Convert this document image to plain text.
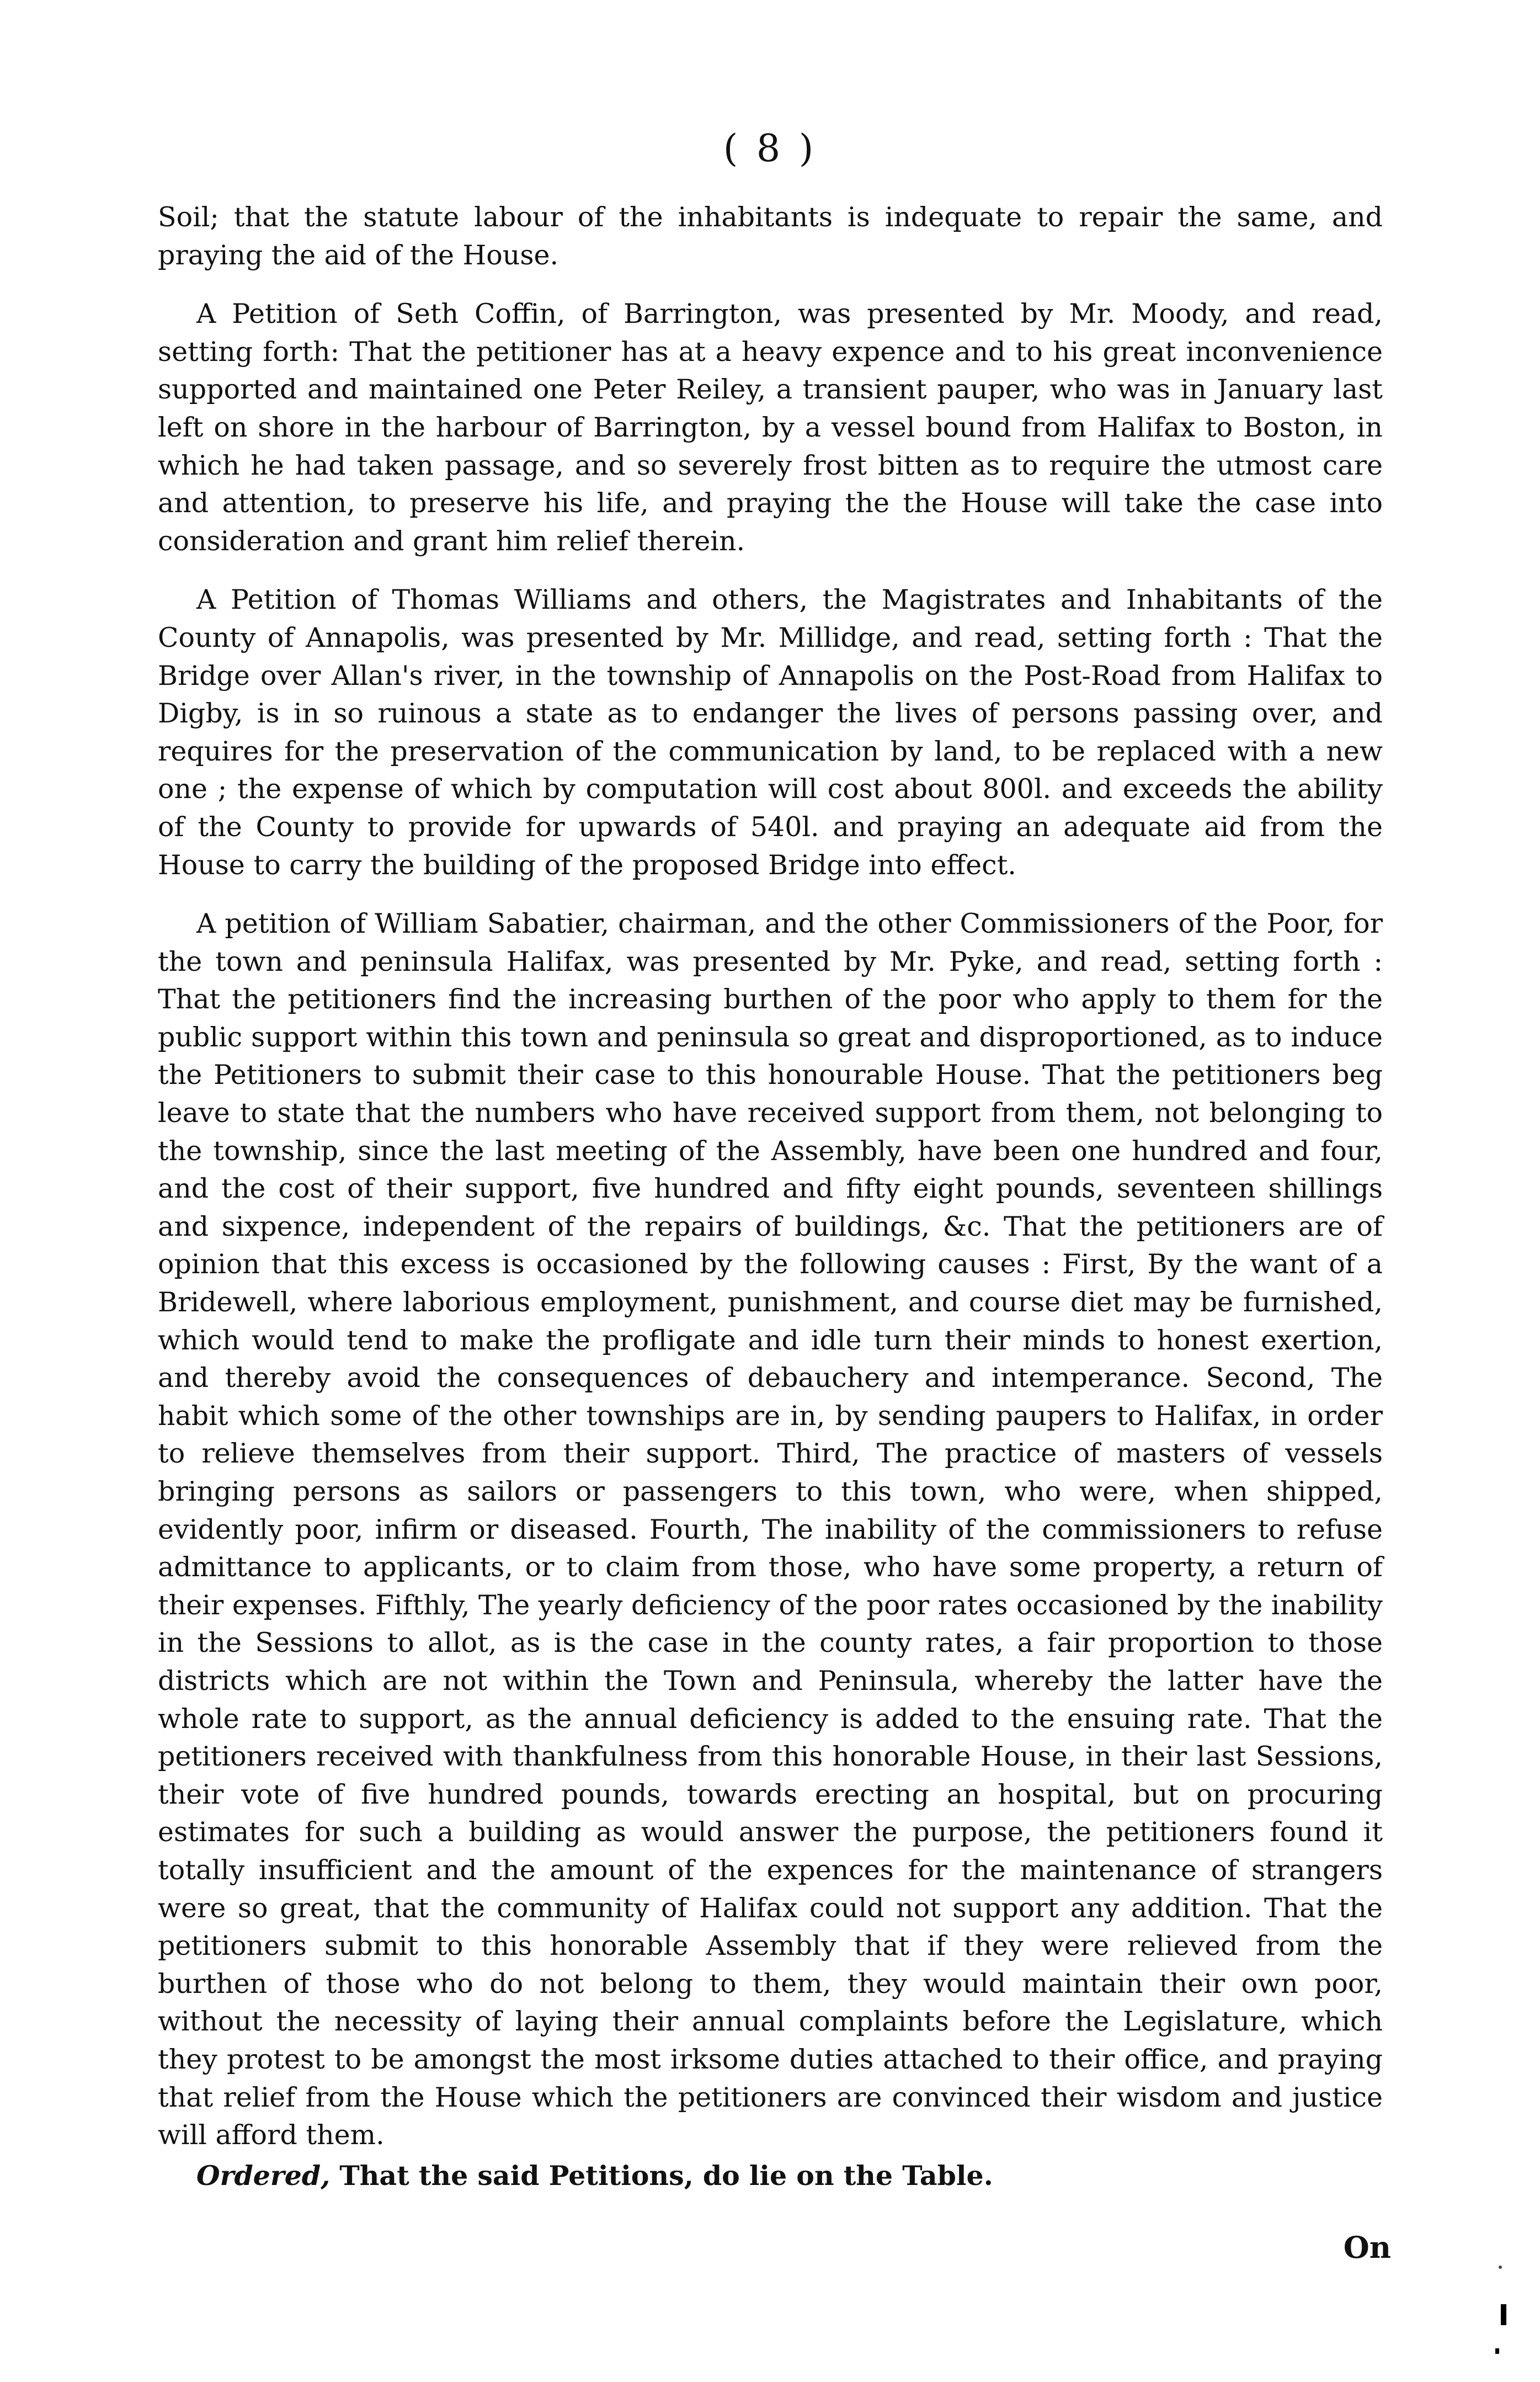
( 8 )

Soil; that the statute labour of the inhabitants is indequate to repair the same, and praying the aid of the House.

A Petition of Seth Coffin, of Barrington, was presented by Mr. Moody, and read, setting forth: That the petitioner has at a heavy expence and to his great inconvenience supported and maintained one Peter Reiley, a transient pauper, who was in January last left on shore in the harbour of Barrington, by a vessel bound from Halifax to Boston, in which he had taken passage, and so severely frost bitten as to require the utmost care and attention, to preserve his life, and praying the the House will take the case into consideration and grant him relief therein.

A Petition of Thomas Williams and others, the Magistrates and Inhabitants of the County of Annapolis, was presented by Mr. Millidge, and read, setting forth : That the Bridge over Allan's river, in the township of Annapolis on the Post-Road from Halifax to Digby, is in so ruinous a state as to endanger the lives of persons passing over, and requires for the preservation of the communication by land, to be replaced with a new one ; the expense of which by computation will cost about 800l. and exceeds the ability of the County to provide for upwards of 540l. and praying an adequate aid from the House to carry the building of the proposed Bridge into effect.

A petition of William Sabatier, chairman, and the other Commissioners of the Poor, for the town and peninsula Halifax, was presented by Mr. Pyke, and read, setting forth : That the petitioners find the increasing burthen of the poor who apply to them for the public support within this town and peninsula so great and disproportioned, as to induce the Petitioners to submit their case to this honourable House. That the petitioners beg leave to state that the numbers who have received support from them, not belonging to the township, since the last meeting of the Assembly, have been one hundred and four, and the cost of their support, five hundred and fifty eight pounds, seventeen shillings and sixpence, independent of the repairs of buildings, &c. That the petitioners are of opinion that this excess is occasioned by the following causes : First, By the want of a Bridewell, where laborious employment, punishment, and course diet may be furnished, which would tend to make the profligate and idle turn their minds to honest exertion, and thereby avoid the consequences of debauchery and intemperance. Second, The habit which some of the other townships are in, by sending paupers to Halifax, in order to relieve themselves from their support. Third, The practice of masters of vessels bringing persons as sailors or passengers to this town, who were, when shipped, evidently poor, infirm or diseased. Fourth, The inability of the commissioners to refuse admittance to applicants, or to claim from those, who have some property, a return of their expenses. Fifthly, The yearly deficiency of the poor rates occasioned by the inability in the Sessions to allot, as is the case in the county rates, a fair proportion to those districts which are not within the Town and Peninsula, whereby the latter have the whole rate to support, as the annual deficiency is added to the ensuing rate. That the petitioners received with thankfulness from this honorable House, in their last Sessions, their vote of five hundred pounds, towards erecting an hospital, but on procuring estimates for such a building as would answer the purpose, the petitioners found it totally insufficient and the amount of the expences for the maintenance of strangers were so great, that the community of Halifax could not support any addition. That the petitioners submit to this honorable Assembly that if they were relieved from the burthen of those who do not belong to them, they would maintain their own poor, without the necessity of laying their annual complaints before the Legislature, which they protest to be amongst the most irksome duties attached to their office, and praying that relief from the House which the petitioners are convinced their wisdom and justice will afford them.

Ordered, That the said Petitions, do lie on the Table.

On
